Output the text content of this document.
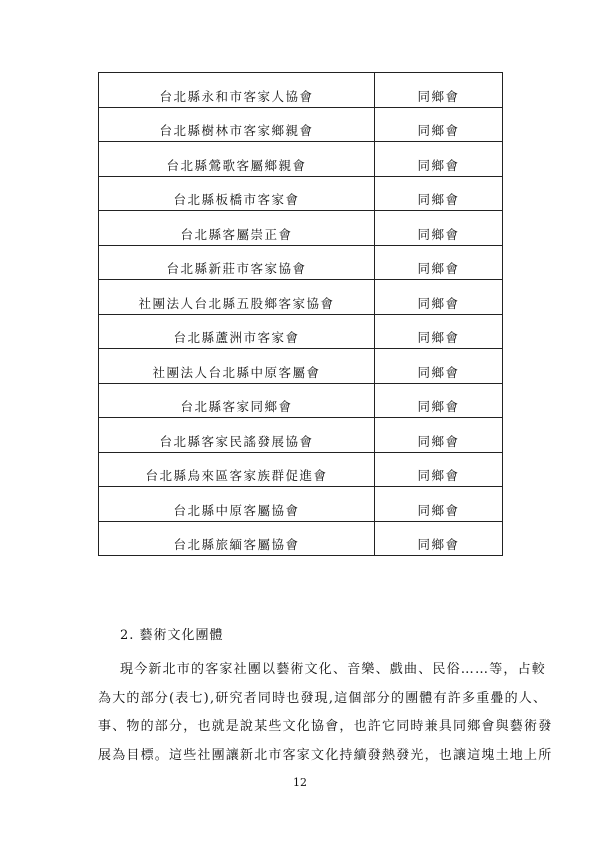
台北縣永和市客家人協會	同鄉會
台北縣樹林市客家鄉親會	同鄉會
台北縣鶯歌客屬鄉親會	同鄉會
台北縣板橋市客家會	同鄉會
台北縣客屬崇正會	同鄉會
台北縣新莊市客家協會	同鄉會
社團法人台北縣五股鄉客家協會	同鄉會
台北縣蘆洲市客家會	同鄉會
社團法人台北縣中原客屬會	同鄉會
台北縣客家同鄉會	同鄉會
台北縣客家民謠發展協會	同鄉會
台北縣烏來區客家族群促進會	同鄉會
台北縣中原客屬協會	同鄉會
台北縣旅緬客屬協會	同鄉會
2. 藝術文化團體
現今新北市的客家社團以藝術文化、音樂、戲曲、民俗……等，占較
為大的部分(表七),研究者同時也發現,這個部分的團體有許多重疊的人、
事、物的部分，也就是說某些文化協會，也許它同時兼具同鄉會與藝術發
展為目標。這些社團讓新北市客家文化持續發熱發光，也讓這塊土地上所
12
